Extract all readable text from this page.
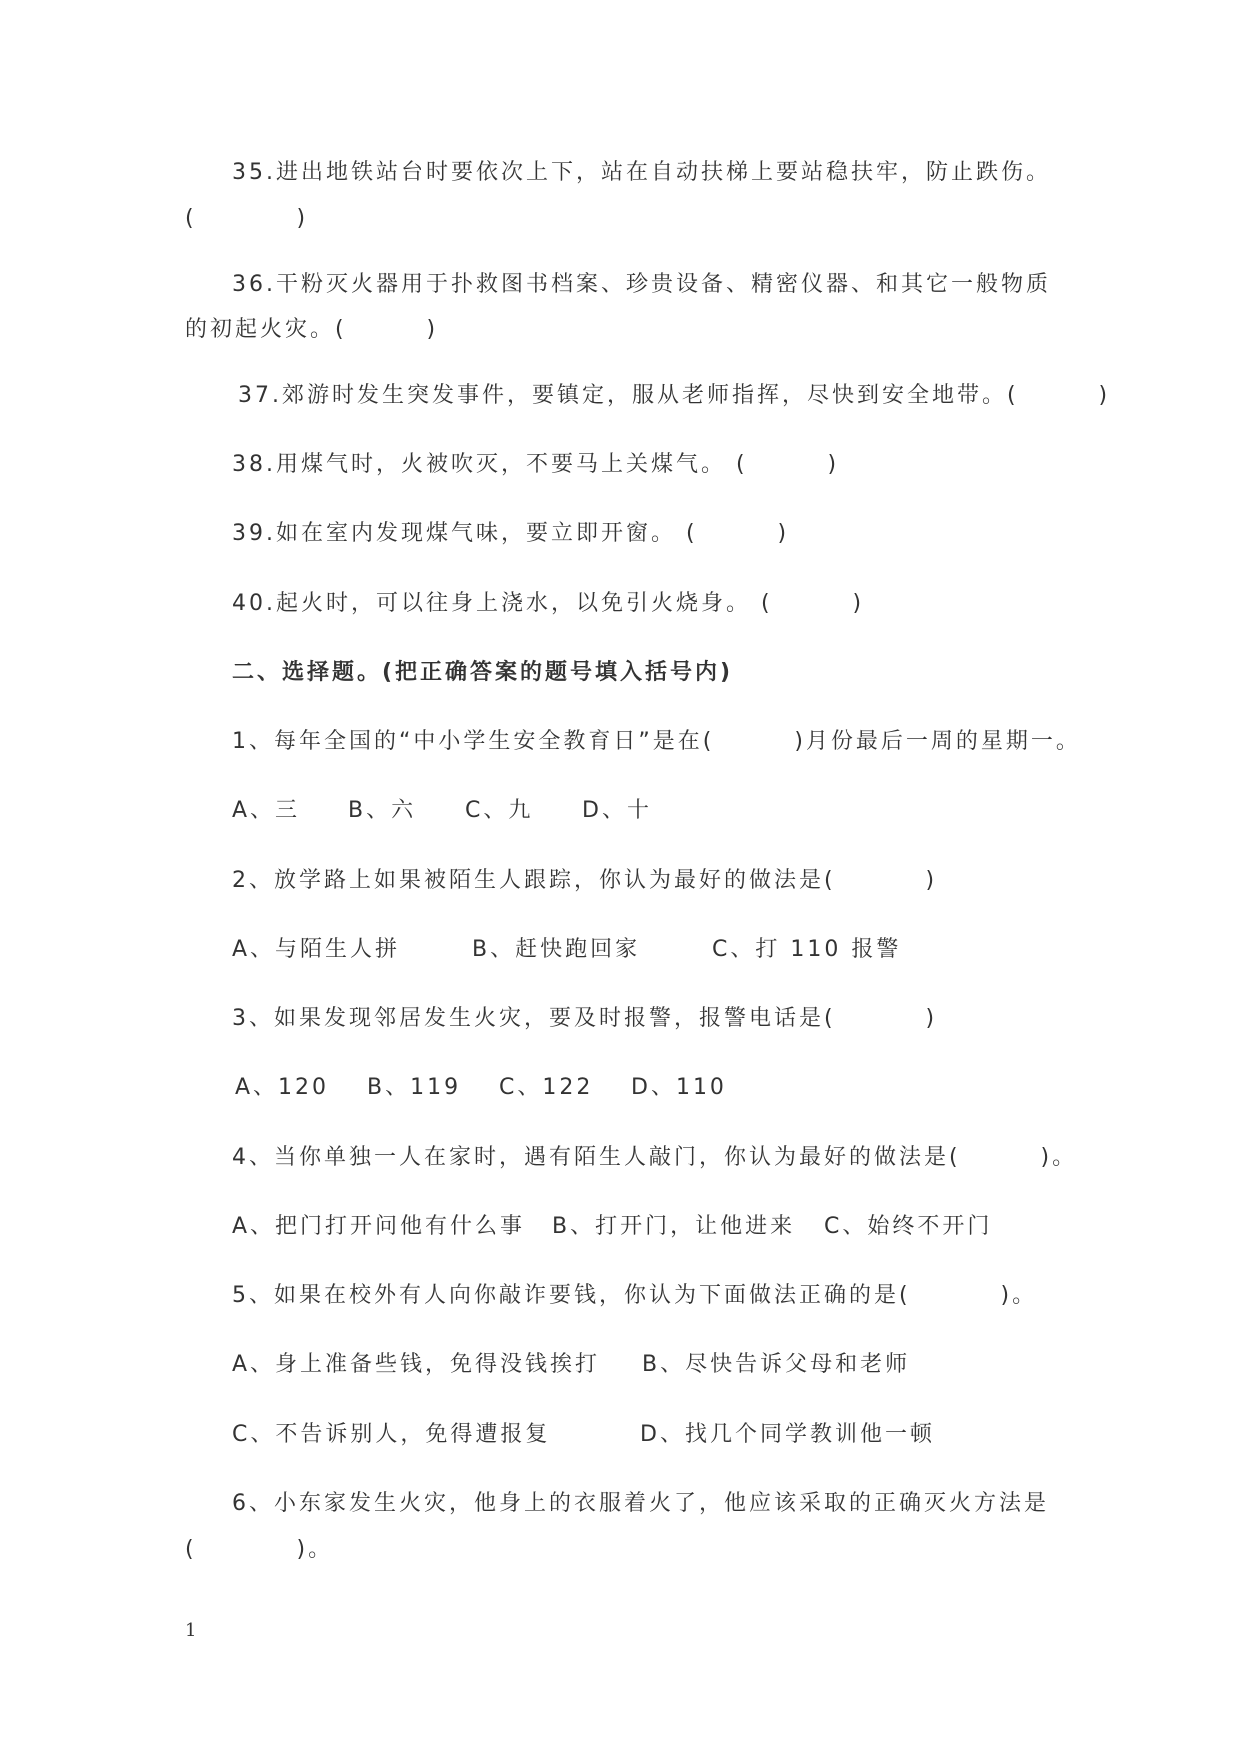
35.进出地铁站台时要依次上下，站在自动扶梯上要站稳扶牢，防止跌伤。
(          )
36.干粉灭火器用于扑救图书档案、珍贵设备、精密仪器、和其它一般物质
的初起火灾。(        )
37.郊游时发生突发事件，要镇定，服从老师指挥，尽快到安全地带。(        )
38.用煤气时，火被吹灭，不要马上关煤气。 (        )
39.如在室内发现煤气味，要立即开窗。 (        )
40.起火时，可以往身上浇水，以免引火烧身。 (        )
二、选择题。(把正确答案的题号填入括号内)
1、每年全国的“中小学生安全教育日”是在(        )月份最后一周的星期一。

A、三

B、六

C、九

D、十

2、放学路上如果被陌生人跟踪，你认为最好的做法是(         )

A、与陌生人拼

	B、赶快跑回家

	C、打 110 报警

3、如果发现邻居发生火灾，要及时报警，报警电话是(         )

A、120

B、119

C、122

D、110

4、当你单独一人在家时，遇有陌生人敲门，你认为最好的做法是(        )。

A、把门打开问他有什么事

B、打开门，让他进来

C、始终不开门

5、如果在校外有人向你敲诈要钱，你认为下面做法正确的是(         )。

A、身上准备些钱，免得没钱挨打

B、尽快告诉父母和老师

C、不告诉别人，免得遭报复

	D、找几个同学教训他一顿

6、小东家发生火灾，他身上的衣服着火了，他应该采取的正确灭火方法是
(          )。
1
